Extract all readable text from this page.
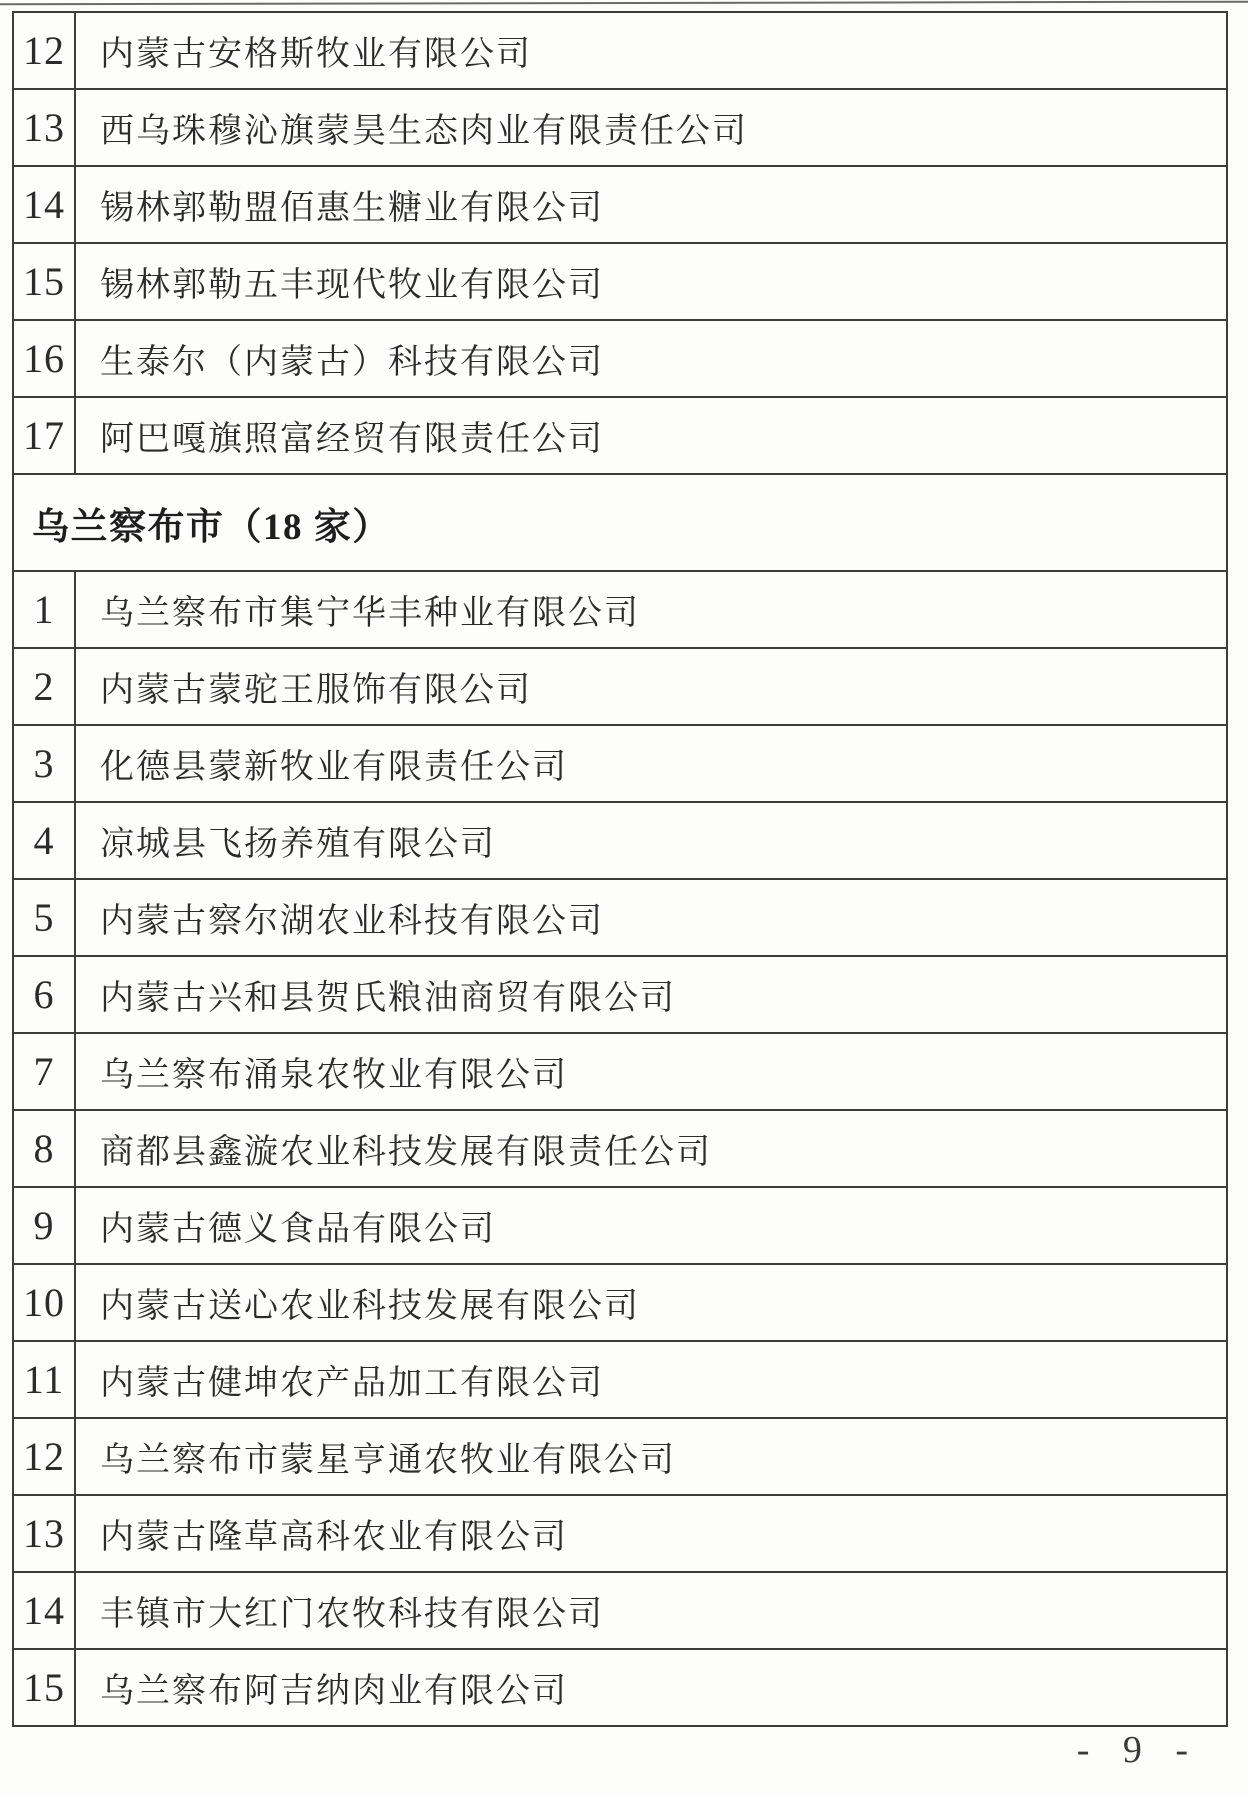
12	内蒙古安格斯牧业有限公司
13	西乌珠穆沁旗蒙昊生态肉业有限责任公司
14	锡林郭勒盟佰惠生糖业有限公司
15	锡林郭勒五丰现代牧业有限公司
16	生泰尔（内蒙古）科技有限公司
17	阿巴嘎旗照富经贸有限责任公司
乌兰察布市（18 家）
1	乌兰察布市集宁华丰种业有限公司
2	内蒙古蒙驼王服饰有限公司
3	化德县蒙新牧业有限责任公司
4	凉城县飞扬养殖有限公司
5	内蒙古察尔湖农业科技有限公司
6	内蒙古兴和县贺氏粮油商贸有限公司
7	乌兰察布涌泉农牧业有限公司
8	商都县鑫漩农业科技发展有限责任公司
9	内蒙古德义食品有限公司
10	内蒙古送心农业科技发展有限公司
11	内蒙古健坤农产品加工有限公司
12	乌兰察布市蒙星亨通农牧业有限公司
13	内蒙古隆草高科农业有限公司
14	丰镇市大红门农牧科技有限公司
15	乌兰察布阿吉纳肉业有限公司
- 9 -
